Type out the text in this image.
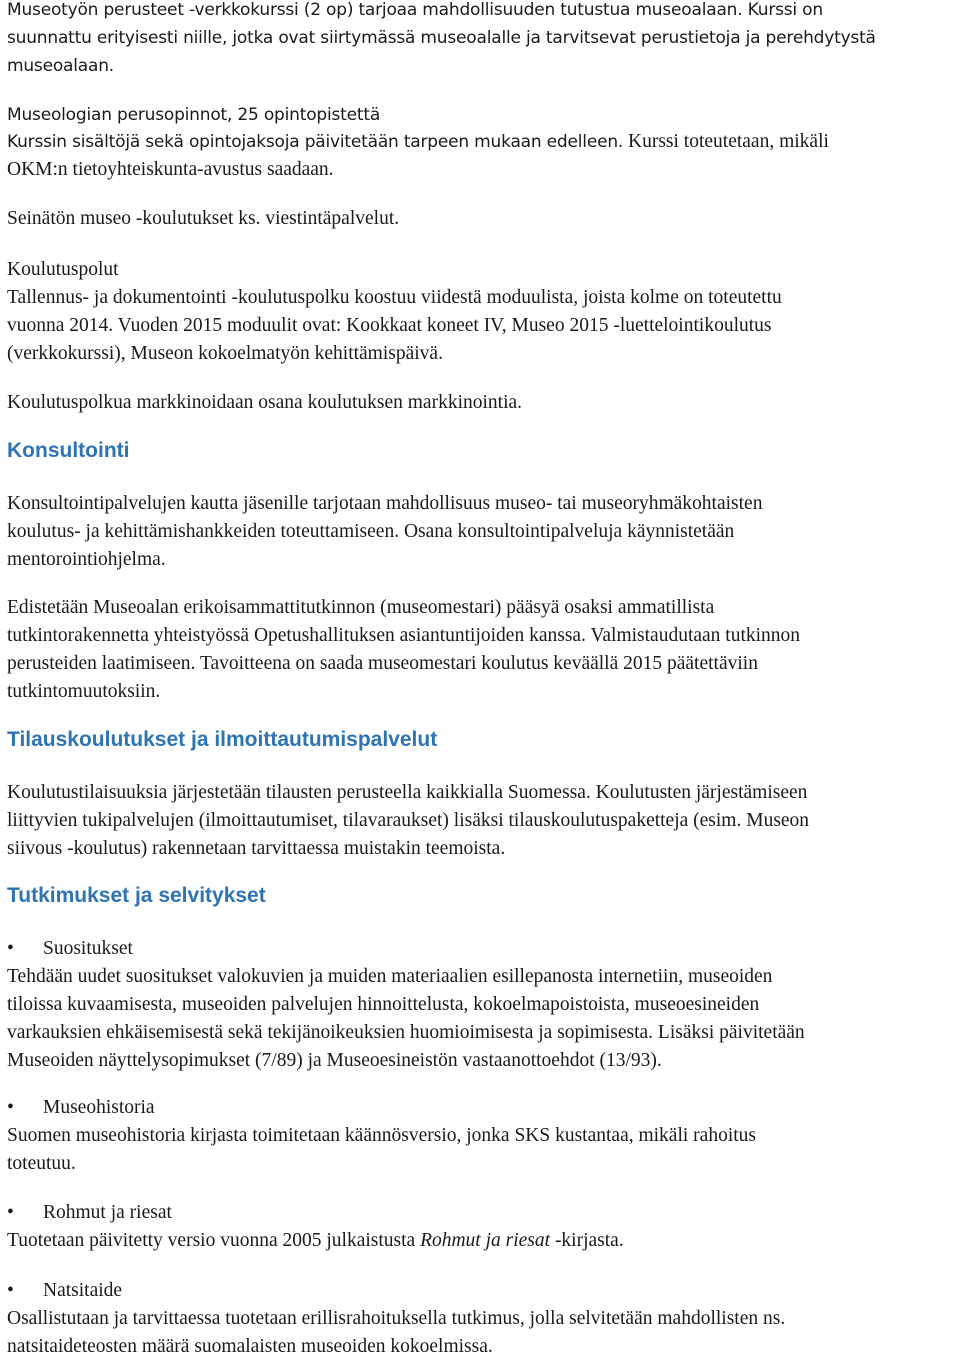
Museotyön perusteet -verkkokurssi (2 op) tarjoaa mahdollisuuden tutustua museoalaan. Kurssi on
suunnattu erityisesti niille, jotka ovat siirtymässä museoalalle ja tarvitsevat perustietoja ja perehdytystä
museoalaan.

Museologian perusopinnot, 25 opintopistettä

Kurssin sisältöjä sekä opintojaksoja päivitetään tarpeen mukaan edelleen. Kurssi toteutetaan, mikäli
OKM:n tietoyhteiskunta-avustus saadaan.

Seinätön museo -koulutukset ks. viestintäpalvelut.

Koulutuspolut

Tallennus- ja dokumentointi -koulutuspolku koostuu viidestä moduulista, joista kolme on toteutettu
vuonna 2014. Vuoden 2015 moduulit ovat: Kookkaat koneet IV, Museo 2015 -luettelointikoulutus
(verkkokurssi), Museon kokoelmatyön kehittämispäivä.

Koulutuspolkua markkinoidaan osana koulutuksen markkinointia.

Konsultointi

Konsultointipalvelujen kautta jäsenille tarjotaan mahdollisuus museo- tai museoryhmäkohtaisten
koulutus- ja kehittämishankkeiden toteuttamiseen. Osana konsultointipalveluja käynnistetään
mentorointiohjelma.

Edistetään Museoalan erikoisammattitutkinnon (museomestari) pääsyä osaksi ammatillista
tutkintorakennetta yhteistyössä Opetushallituksen asiantuntijoiden kanssa. Valmistaudutaan tutkinnon
perusteiden laatimiseen. Tavoitteena on saada museomestari koulutus keväällä 2015 päätettäviin
tutkintomuutoksiin.

Tilauskoulutukset ja ilmoittautumispalvelut

Koulutustilaisuuksia järjestetään tilausten perusteella kaikkialla Suomessa. Koulutusten järjestämiseen
liittyvien tukipalvelujen (ilmoittautumiset, tilavaraukset) lisäksi tilauskoulutuspaketteja (esim. Museon
siivous -koulutus) rakennetaan tarvittaessa muistakin teemoista.

Tutkimukset ja selvitykset

• Suositukset
Tehdään uudet suositukset valokuvien ja muiden materiaalien esillepanosta internetiin, museoiden
tiloissa kuvaamisesta, museoiden palvelujen hinnoittelusta, kokoelmapoistoista, museoesineiden
varkauksien ehkäisemisestä sekä tekijänoikeuksien huomioimisesta ja sopimisesta. Lisäksi päivitetään
Museoiden näyttelysopimukset (7/89) ja Museoesineistön vastaanottoehdot (13/93).

• Museohistoria
Suomen museohistoria kirjasta toimitetaan käännösversio, jonka SKS kustantaa, mikäli rahoitus
toteutuu.

• Rohmut ja riesat
Tuotetaan päivitetty versio vuonna 2005 julkaistusta Rohmut ja riesat -kirjasta.

• Natsitaide
Osallistutaan ja tarvittaessa tuotetaan erillisrahoituksella tutkimus, jolla selvitetään mahdollisten ns.
natsitaideteosten määrä suomalaisten museoiden kokoelmissa.
